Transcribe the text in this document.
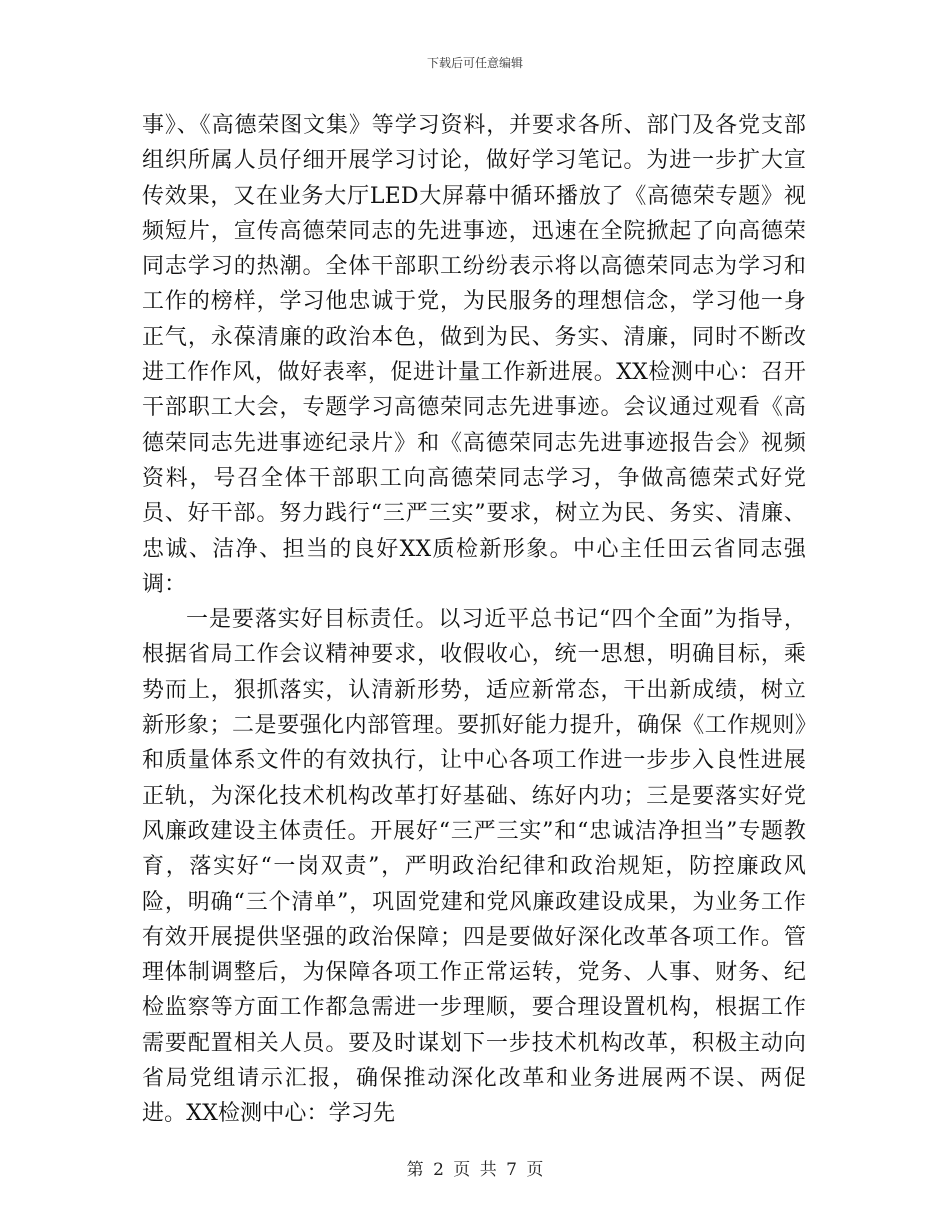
下载后可任意编辑

事》、《高德荣图文集》等学习资料，并要求各所、部门及各党支部组织所属人员仔细开展学习讨论，做好学习笔记。为进一步扩大宣传效果，又在业务大厅LED大屏幕中循环播放了《高德荣专题》视频短片，宣传高德荣同志的先进事迹，迅速在全院掀起了向高德荣同志学习的热潮。全体干部职工纷纷表示将以高德荣同志为学习和工作的榜样，学习他忠诚于党，为民服务的理想信念，学习他一身正气，永葆清廉的政治本色，做到为民、务实、清廉，同时不断改进工作作风，做好表率，促进计量工作新进展。XX检测中心：召开干部职工大会，专题学习高德荣同志先进事迹。会议通过观看《高德荣同志先进事迹纪录片》和《高德荣同志先进事迹报告会》视频资料，号召全体干部职工向高德荣同志学习，争做高德荣式好党员、好干部。努力践行“三严三实”要求，树立为民、务实、清廉、忠诚、洁净、担当的良好XX质检新形象。中心主任田云省同志强调：

一是要落实好目标责任。以习近平总书记“四个全面”为指导，根据省局工作会议精神要求，收假收心，统一思想，明确目标，乘势而上，狠抓落实，认清新形势，适应新常态，干出新成绩，树立新形象；二是要强化内部管理。要抓好能力提升，确保《工作规则》和质量体系文件的有效执行，让中心各项工作进一步步入良性进展正轨，为深化技术机构改革打好基础、练好内功；三是要落实好党风廉政建设主体责任。开展好“三严三实”和“忠诚洁净担当”专题教育，落实好“一岗双责”，严明政治纪律和政治规矩，防控廉政风险，明确“三个清单”，巩固党建和党风廉政建设成果，为业务工作有效开展提供坚强的政治保障；四是要做好深化改革各项工作。管理体制调整后，为保障各项工作正常运转，党务、人事、财务、纪检监察等方面工作都急需进一步理顺，要合理设置机构，根据工作需要配置相关人员。要及时谋划下一步技术机构改革，积极主动向省局党组请示汇报，确保推动深化改革和业务进展两不误、两促进。XX检测中心：学习先

第 2 页 共 7 页
